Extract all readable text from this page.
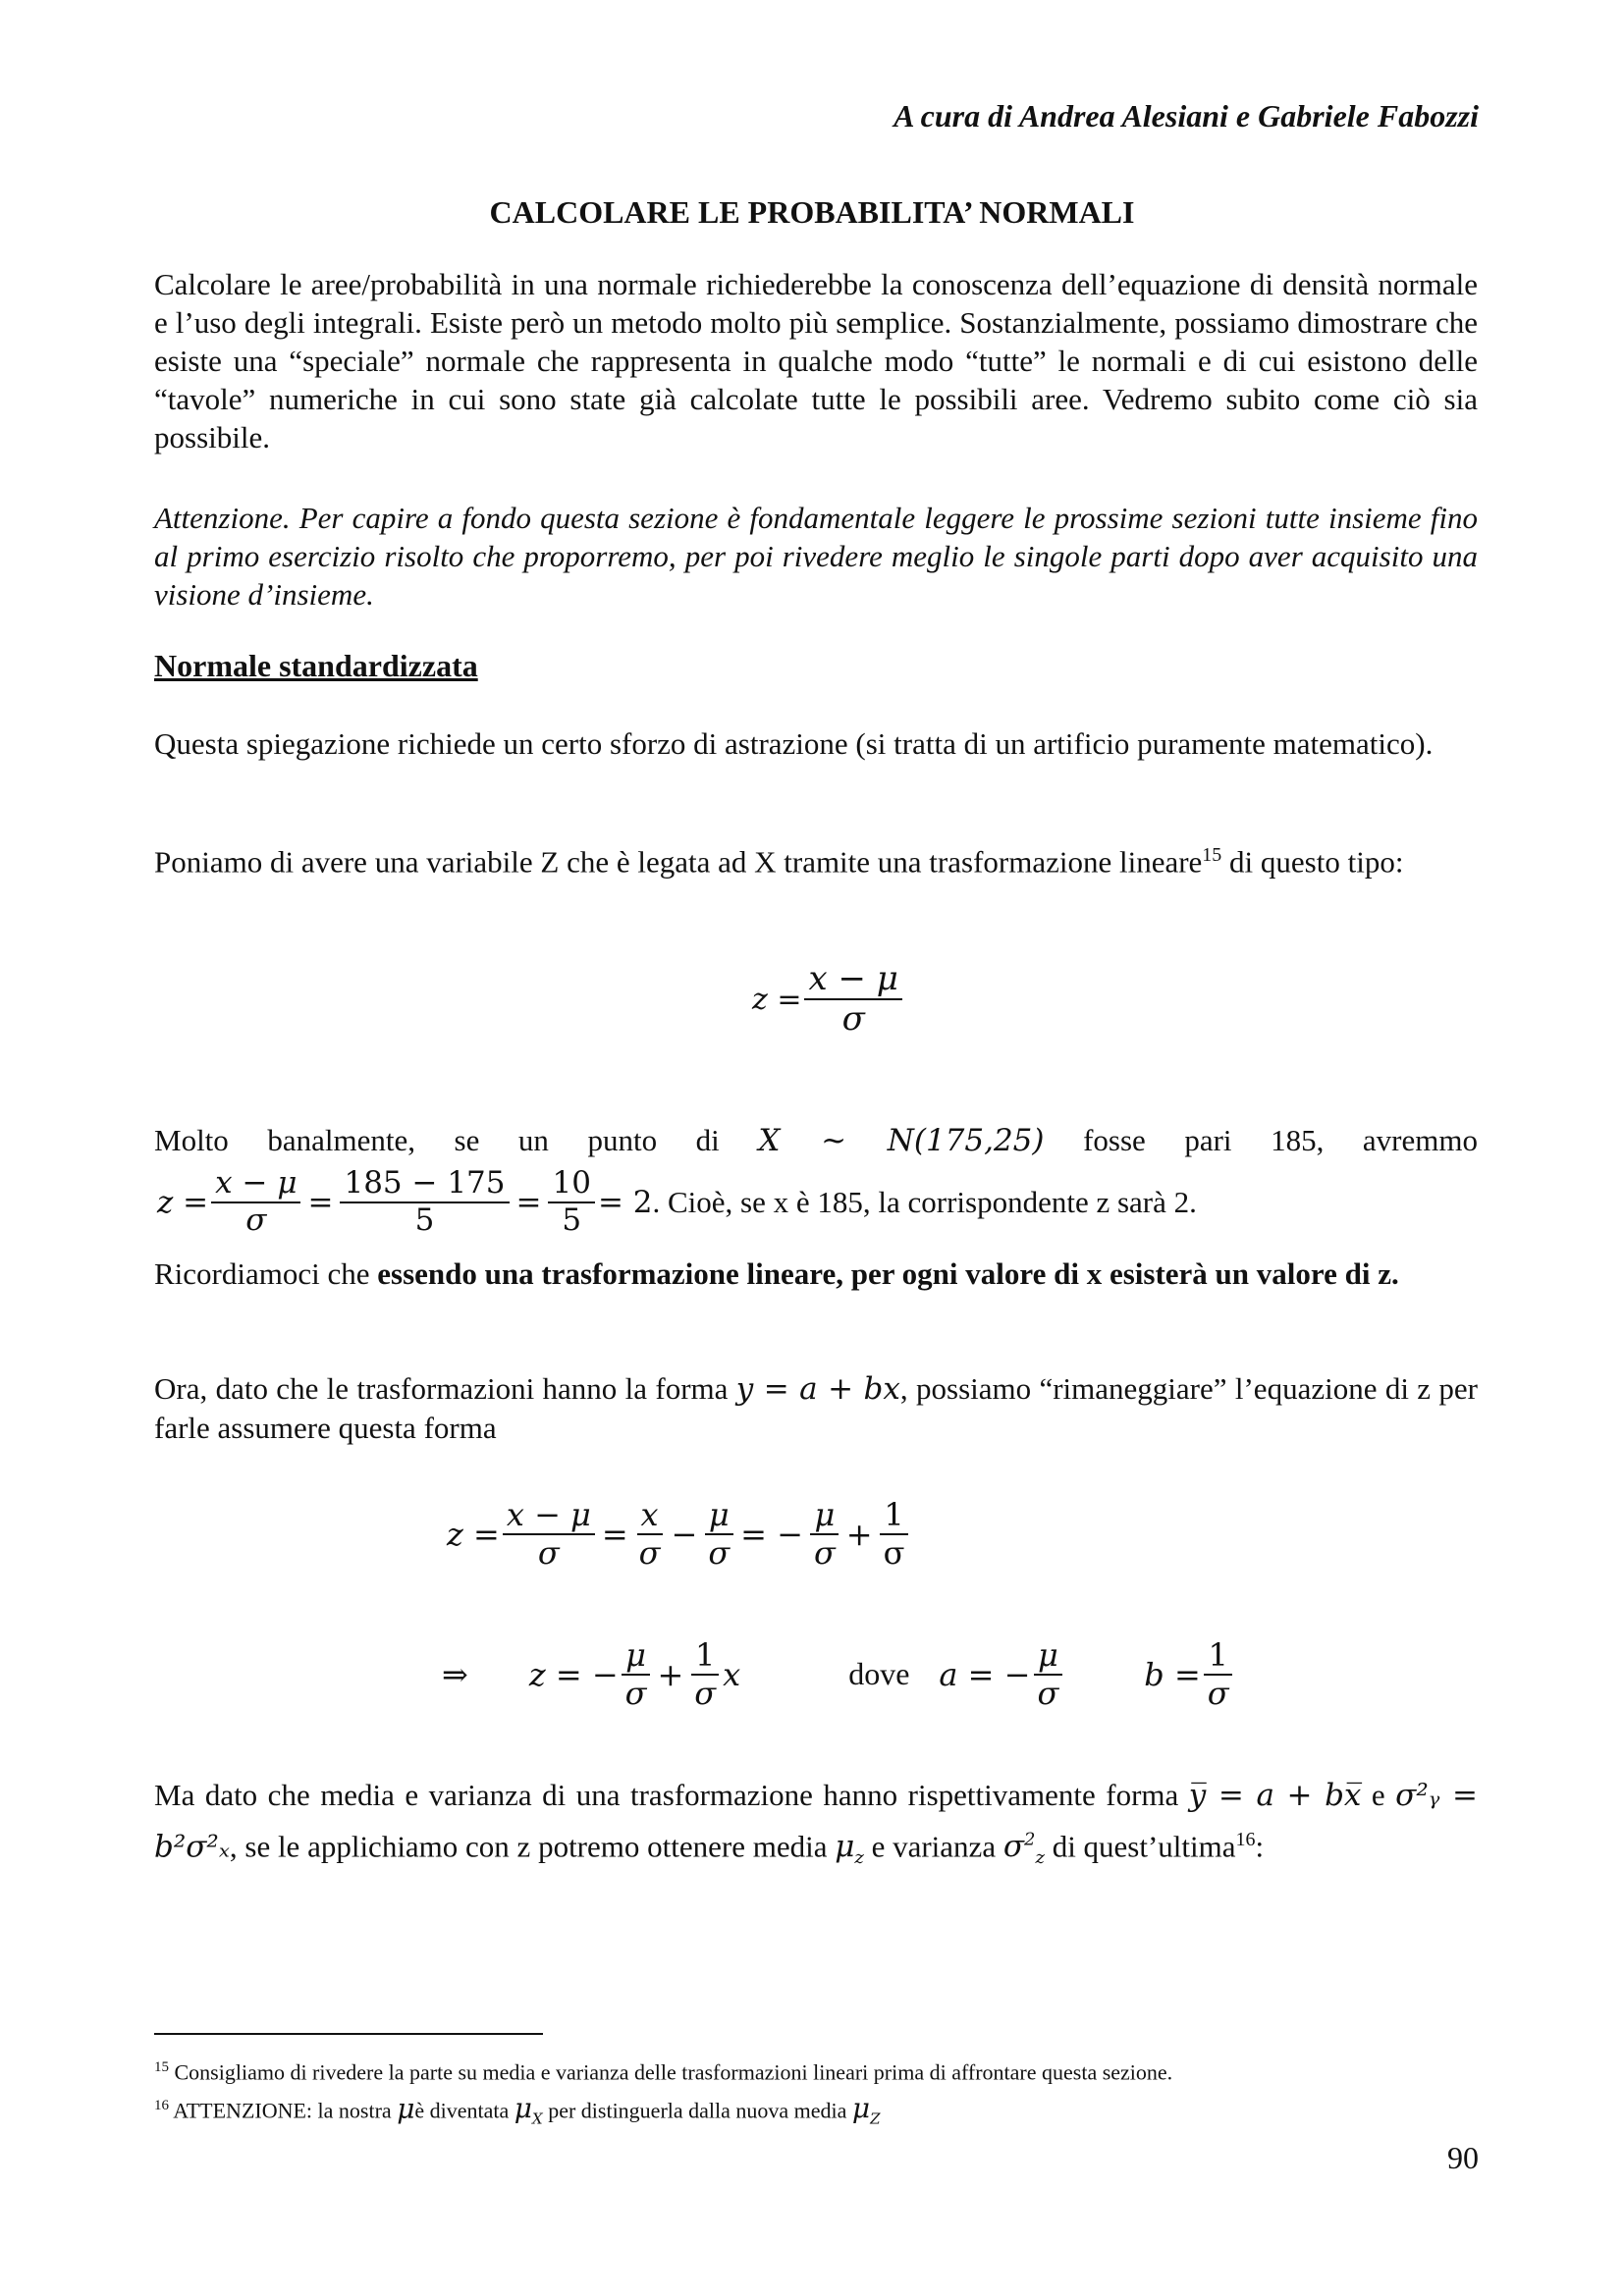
A cura di Andrea Alesiani e Gabriele Fabozzi
CALCOLARE LE PROBABILITA’ NORMALI
Calcolare le aree/probabilità in una normale richiederebbe la conoscenza dell’equazione di densità normale e l’uso degli integrali. Esiste però un metodo molto più semplice. Sostanzialmente, possiamo dimostrare che esiste una “speciale” normale che rappresenta in qualche modo “tutte” le normali e di cui esistono delle “tavole” numeriche in cui sono state già calcolate tutte le possibili aree. Vedremo subito come ciò sia possibile.
Attenzione. Per capire a fondo questa sezione è fondamentale leggere le prossime sezioni tutte insieme fino al primo esercizio risolto che proporremo, per poi rivedere meglio le singole parti dopo aver acquisito una visione d’insieme.
Normale standardizzata
Questa spiegazione richiede un certo sforzo di astrazione (si tratta di un artificio puramente matematico).
Poniamo di avere una variabile Z che è legata ad X tramite una trasformazione lineare$^{15}$ di questo tipo:
$z = \frac{x - \mu}{\sigma}$
Molto banalmente, se un punto di X ~ N(175,25) fosse pari 185, avremmo
$z = \frac{x - \mu}{\sigma} = \frac{185 - 175}{5} = \frac{10}{5} = 2$ . Cioè, se x è 185, la corrispondente z sarà 2.
Ricordiamoci che essendo una trasformazione lineare, per ogni valore di x esisterà un valore di z.
Ora, dato che le trasformazioni hanno la forma y = a + bx, possiamo “rimaneggiare” l’equazione di z per farle assumere questa forma
$z = \frac{x - \mu}{\sigma} = \frac{x}{\sigma} - \frac{\mu}{\sigma}$ = − $\frac{\mu}{\sigma} + \frac{1}{\sigma}$
⇒ z = − $\frac{\mu}{\sigma} + \frac{1}{\sigma}$ x	dove a = − $\frac{\mu}{\sigma}$	$b = \frac{1}{\sigma}$
Ma dato che media e varianza di una trasformazione hanno rispettivamente forma y̅ = a + bx̅ e σ²ᵧ = b²σ²ₓ, se le applichiamo con z potremo ottenere media $\mu_z$ e varianza $\sigma^2_z$ di quest’ultima$^{16}$:
$^{15}$ Consigliamo di rivedere la parte su media e varianza delle trasformazioni lineari prima di affrontare questa sezione.
$^{16}$ ATTENZIONE: la nostra μè diventata $\mu_X$ per distinguerla dalla nuova media $\mu_Z$
90
